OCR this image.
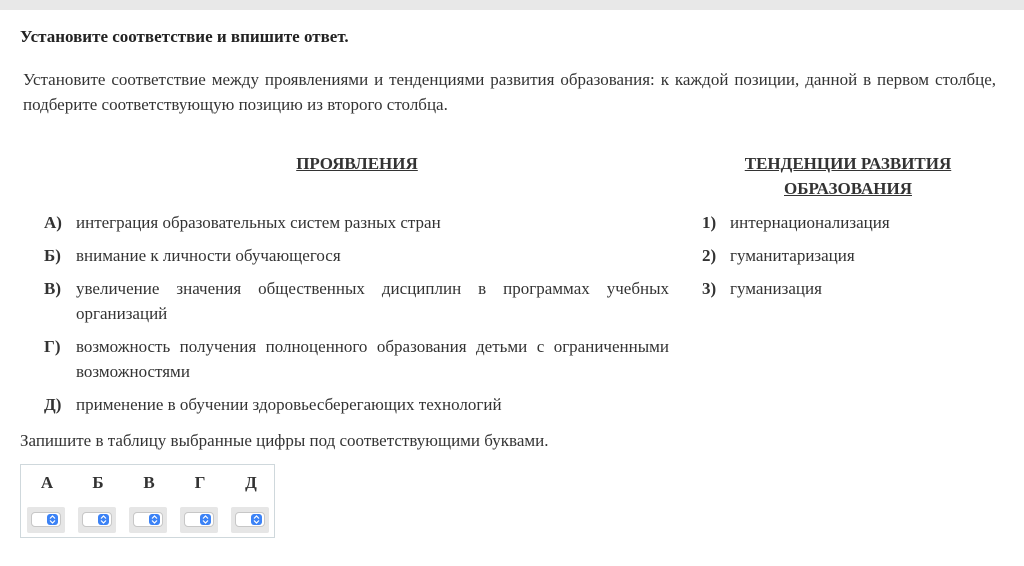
Установите соответствие и впишите ответ.
Установите соответствие между проявлениями и тенденциями развития образования: к каждой позиции, данной в первом столбце, подберите соответствующую позицию из второго столбца.
ПРОЯВЛЕНИЯ	ТЕНДЕНЦИИ РАЗВИТИЯ
ОБРАЗОВАНИЯ
А) интеграция образовательных систем разных стран
Б) внимание к личности обучающегося
В) увеличение значения общественных дисциплин в программах учебных организаций
Г) возможность получения полноценного образования детьми с ограниченными возможностями
Д) применение в обучении здоровьесберегающих технологий
1) интернационализация
2) гуманитаризация
3) гуманизация
Запишите в таблицу выбранные цифры под соответствующими буквами.
А	Б	В	Г	Д
